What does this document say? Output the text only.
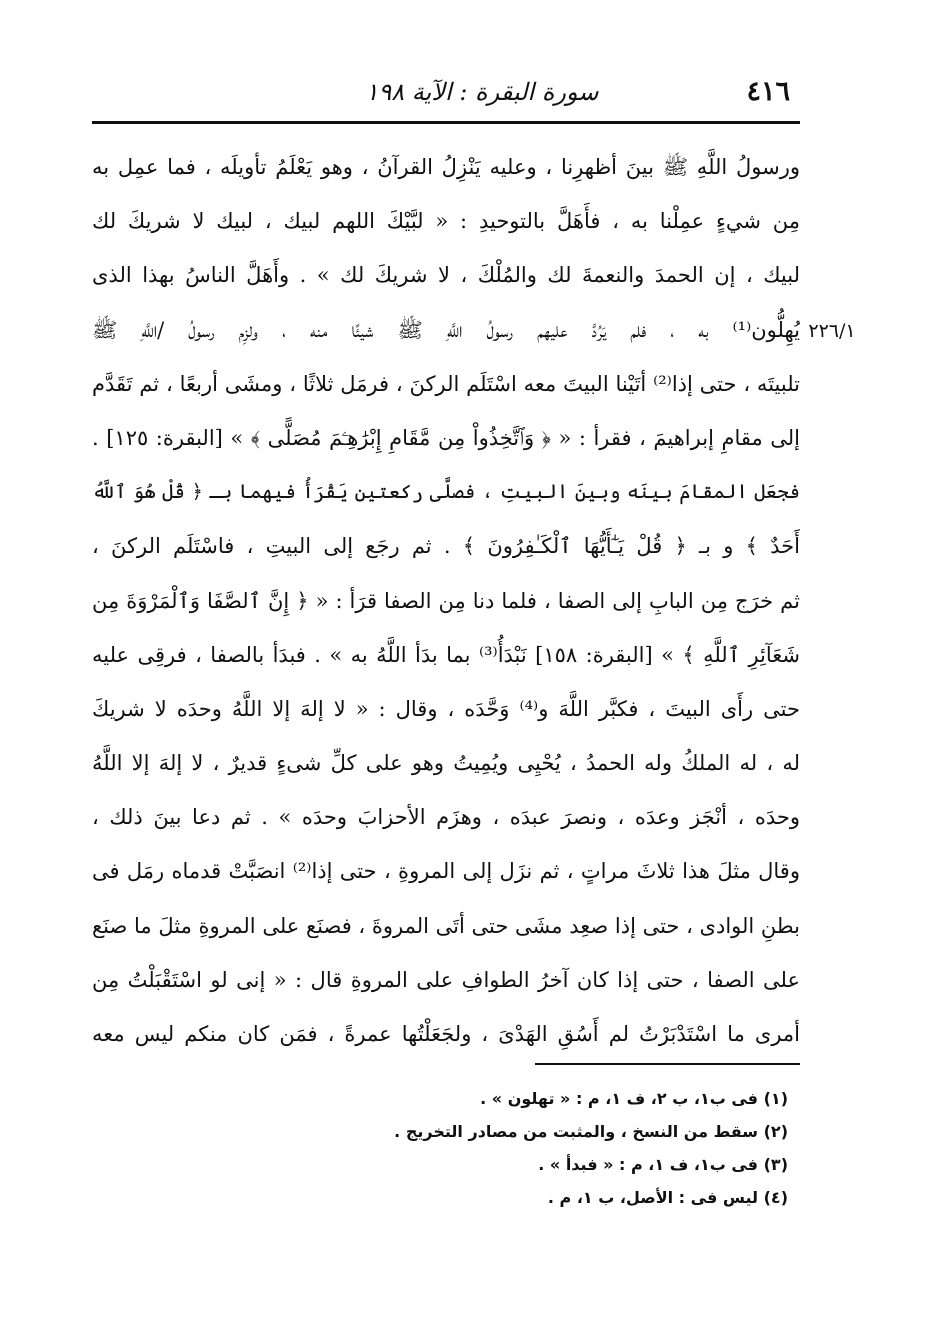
٤١٦
سورة البقرة : الآية ١٩٨
٢٢٦/١
ورسولُ اللَّهِ ﷺ بينَ أظهرِنا ، وعليه يَنْزِلُ القرآنُ ، وهو يَعْلَمُ تأويلَه ، فما عمِل به
مِن شيءٍ عمِلْنا به ، فأَهَلَّ بالتوحيدِ : « لبَّيْكَ اللهم لبيك ، لبيك لا شريكَ لك
لبيك ، إن الحمدَ والنعمةَ لك والمُلْكَ ، لا شريكَ لك » . وأَهَلَّ الناسُ بهذا الذى
يُهِلُّون⁽¹⁾ به ، فلم يَرُدَّ عليهم رسولُ اللَّهِ ﷺ شيئًا منه ، ولزِم رسولُ /اللَّهِ ﷺ
تلبيتَه ، حتى إذا⁽²⁾ أتَيْنا البيتَ معه اسْتَلَم الركنَ ، فرمَل ثلاثًا ، ومشَى أربعًا ، ثم تَقَدَّم
إلى مقامِ إبراهيمَ ، فقرأ : « ﴿ وَٱتَّخِذُواْ مِن مَّقَامِ إِبْرَٰهِـۧمَ مُصَلًّى ﴾ » [البقرة: ١٢٥] .
فجعَل المقامَ بينَه وبينَ البيتِ ، فصلَّى ركعتين يَقْرَأُ فيهما بـ ﴿ قُلْ هُوَ ٱللَّهُ
أَحَدٌ ﴾ و بـ ﴿ قُلْ يَـٰٓأَيُّهَا ٱلْكَـٰفِرُونَ ﴾ . ثم رجَع إلى البيتِ ، فاسْتَلَم الركنَ ،
ثم خرَج مِن البابِ إلى الصفا ، فلما دنا مِن الصفا قرَأ : « ﴿ إِنَّ ٱلصَّفَا وَٱلْمَرْوَةَ مِن
شَعَآئِرِ ٱللَّهِ ﴾ » [البقرة: ١٥٨] نَبْدَأُ⁽³⁾ بما بدَأ اللَّهُ به » . فبدَأ بالصفا ، فرقِى عليه
حتى رأَى البيتَ ، فكبَّر اللَّهَ و⁽⁴⁾ وَحَّدَه ، وقال : « لا إلهَ إلا اللَّهُ وحدَه لا شريكَ
له ، له الملكُ وله الحمدُ ، يُحْيِى ويُمِيتُ وهو على كلِّ شىءٍ قديرٌ ، لا إلهَ إلا اللَّهُ
وحدَه ، أنْجَز وعدَه ، ونصرَ عبدَه ، وهزَم الأحزابَ وحدَه » . ثم دعا بينَ ذلك ،
وقال مثلَ هذا ثلاثَ مراتٍ ، ثم نزَل إلى المروةِ ، حتى إذا⁽²⁾ انصَبَّتْ قدماه رمَل فى
بطنِ الوادى ، حتى إذا صعِد مشَى حتى أتَى المروةَ ، فصنَع على المروةِ مثلَ ما صنَع
على الصفا ، حتى إذا كان آخرُ الطوافِ على المروةِ قال : « إنى لو اسْتَقْبَلْتُ مِن
أمرى ما اسْتَدْبَرْتُ لم أَسُقِ الهَدْىَ ، ولجَعَلْتُها عمرةً ، فمَن كان منكم ليس معه
(١) فى ب١، ب ٢، ف ١، م : « تهلون » .
(٢) سقط من النسخ ، والمثبت من مصادر التخريج .
(٣) فى ب١، ف ١، م : « فبدأ » .
(٤) ليس فى : الأصل، ب ١، م .
